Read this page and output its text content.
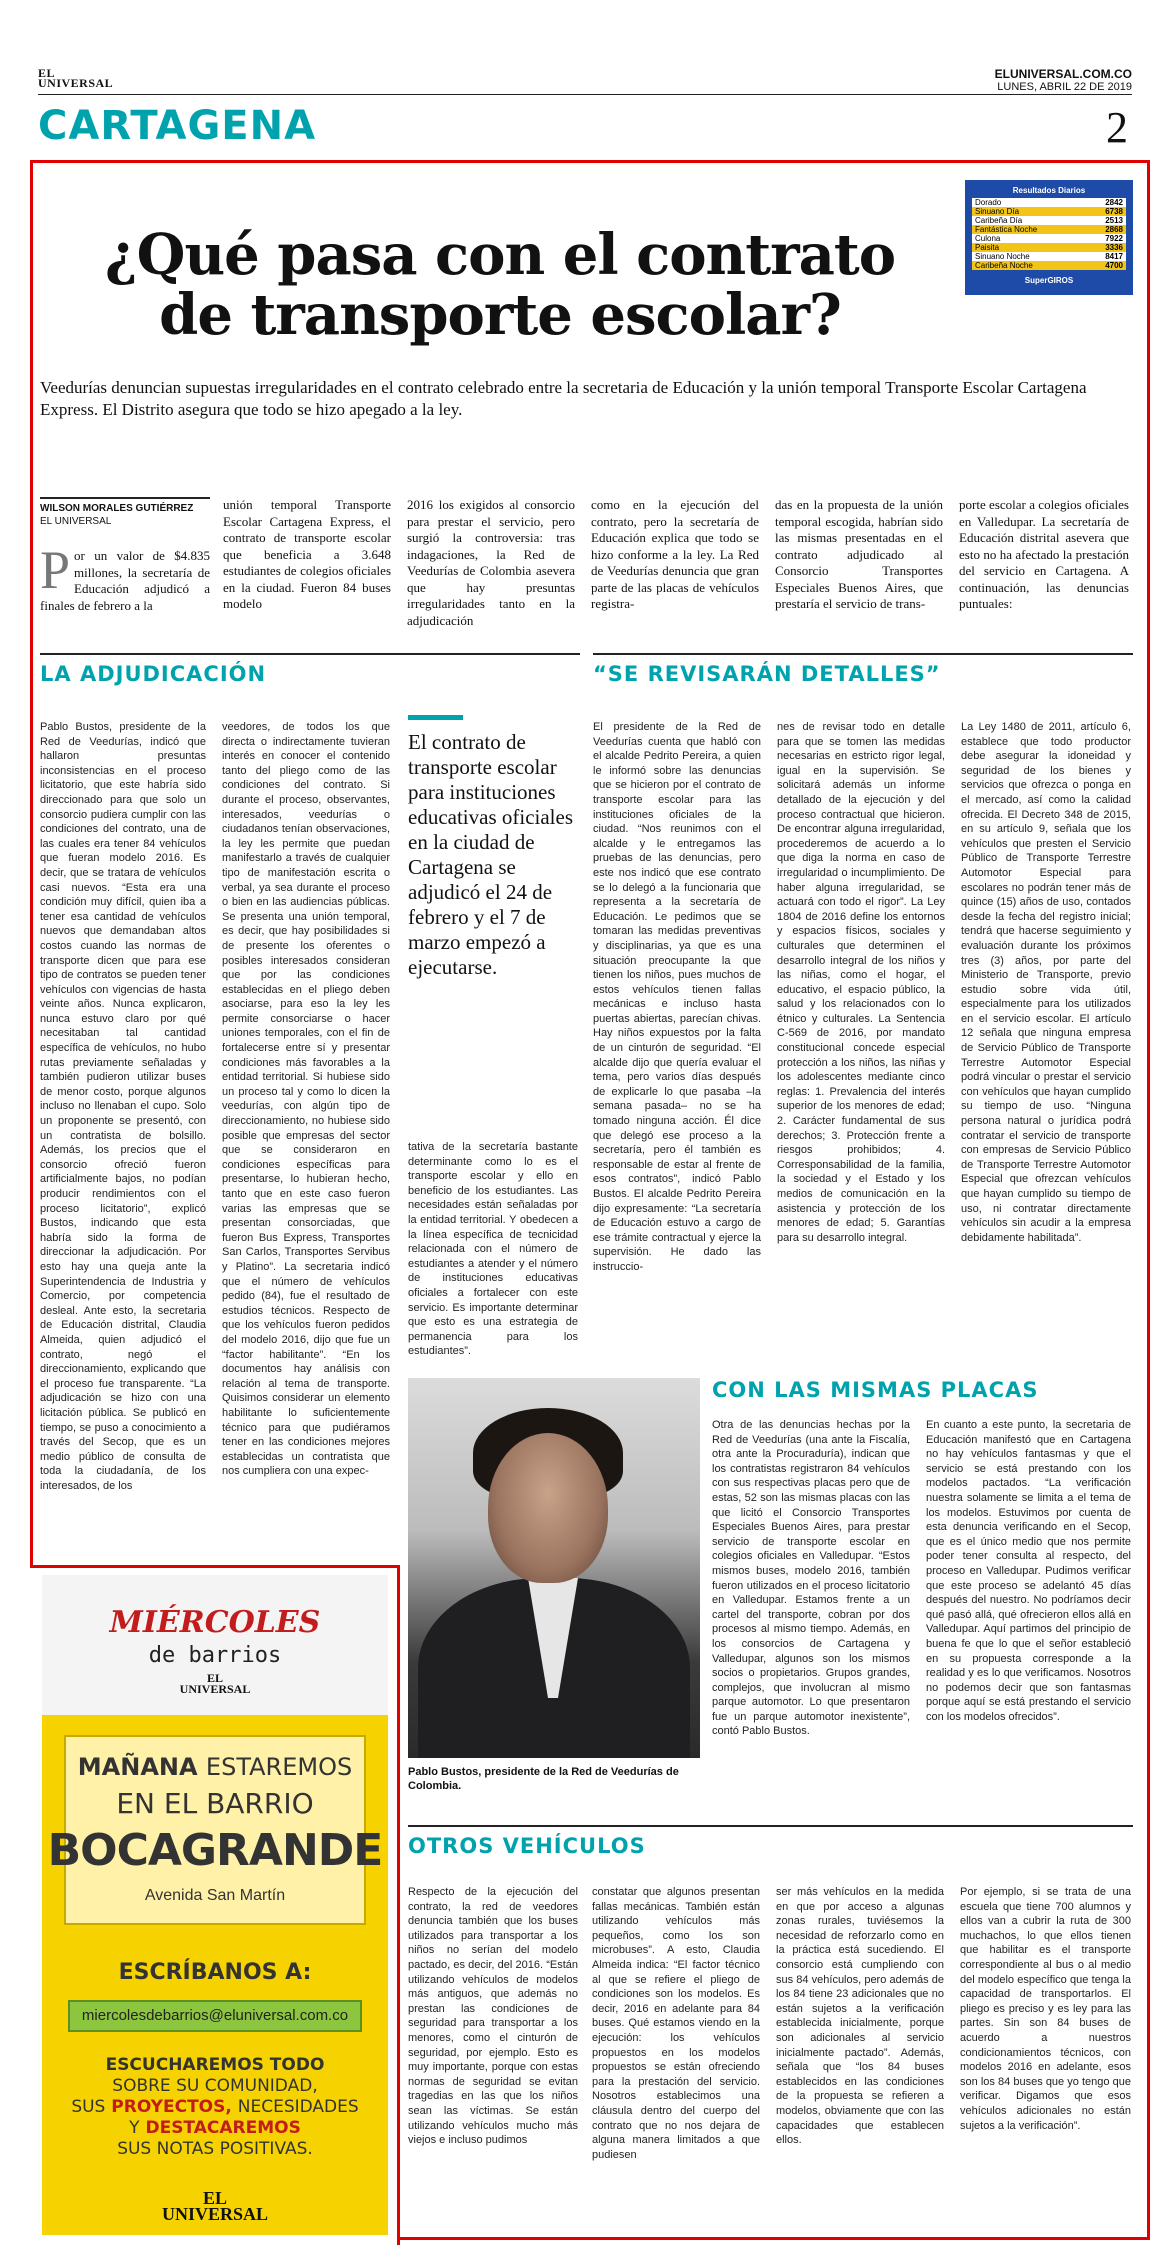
EL
UNIVERSAL
ELUNIVERSAL.COM.CO
LUNES, ABRIL 22 DE 2019
CARTAGENA	2
Resultados Diarios
Dorado	2842
Sinuano Día	6738
Caribeña Día	2513
Fantástica Noche	2868
Culona	7922
Paisita	3336
Sinuano Noche	8417
Caribeña Noche	4700
SuperGIROS
¿Qué pasa con el contrato de transporte escolar?
Veedurías denuncian supuestas irregularidades en el contrato celebrado entre la secretaria de Educación y la unión temporal Transporte Escolar Cartagena Express. El Distrito asegura que todo se hizo apegado a la ley.
WILSON MORALES GUTIÉRREZ
EL UNIVERSAL
Por un valor de $4.835 millones, la secretaría de Educación adjudicó a finales de febrero a la
unión temporal Transporte Escolar Cartagena Express, el contrato de transporte escolar que beneficia a 3.648 estudiantes de colegios oficiales en la ciudad. Fueron 84 buses modelo
2016 los exigidos al consorcio para prestar el servicio, pero surgió la controversia: tras indagaciones, la Red de Veedurías de Colombia asevera que hay presuntas irregularidades tanto en la adjudicación
como en la ejecución del contrato, pero la secretaría de Educación explica que todo se hizo conforme a la ley. La Red de Veedurías denuncia que gran parte de las placas de vehículos registra-
das en la propuesta de la unión temporal escogida, habrían sido las mismas presentadas en el contrato adjudicado al Consorcio Transportes Especiales Buenos Aires, que prestaría el servicio de trans-
porte escolar a colegios oficiales en Valledupar. La secretaría de Educación distrital asevera que esto no ha afectado la prestación del servicio en Cartagena. A continuación, las denuncias puntuales:
LA ADJUDICACIÓN
Pablo Bustos, presidente de la Red de Veedurías, indicó que hallaron presuntas inconsistencias en el proceso licitatorio, que este habría sido direccionado para que solo un consorcio pudiera cumplir con las condiciones del contrato, una de las cuales era tener 84 vehículos que fueran modelo 2016. Es decir, que se tratara de vehículos casi nuevos. “Esta era una condición muy difícil, quien iba a tener esa cantidad de vehículos nuevos que demandaban altos costos cuando las normas de transporte dicen que para ese tipo de contratos se pueden tener vehículos con vigencias de hasta veinte años. Nunca explicaron, nunca estuvo claro por qué necesitaban tal cantidad específica de vehículos, no hubo rutas previamente señaladas y también pudieron utilizar buses de menor costo, porque algunos incluso no llenaban el cupo. Solo un proponente se presentó, con un contratista de bolsillo. Además, los precios que el consorcio ofreció fueron artificialmente bajos, no podían producir rendimientos con el proceso licitatorio”, explicó Bustos, indicando que esta habría sido la forma de direccionar la adjudicación. Por esto hay una queja ante la Superintendencia de Industria y Comercio, por competencia desleal. Ante esto, la secretaria de Educación distrital, Claudia Almeida, quien adjudicó el contrato, negó el direccionamiento, explicando que el proceso fue transparente. “La adjudicación se hizo con una licitación pública. Se publicó en tiempo, se puso a conocimiento a través del Secop, que es un medio público de consulta de toda la ciudadanía, de los interesados, de los
veedores, de todos los que directa o indirectamente tuvieran interés en conocer el contenido tanto del pliego como de las condiciones del contrato. Si durante el proceso, observantes, interesados, veedurías o ciudadanos tenían observaciones, la ley les permite que puedan manifestarlo a través de cualquier tipo de manifestación escrita o verbal, ya sea durante el proceso o bien en las audiencias públicas. Se presenta una unión temporal, es decir, que hay posibilidades si de presente los oferentes o posibles interesados consideran que por las condiciones establecidas en el pliego deben asociarse, para eso la ley les permite consorciarse o hacer uniones temporales, con el fin de fortalecerse entre sí y presentar condiciones más favorables a la entidad territorial. Si hubiese sido un proceso tal y como lo dicen la veedurías, con algún tipo de direccionamiento, no hubiese sido posible que empresas del sector que se consideraron en condiciones específicas para presentarse, lo hubieran hecho, tanto que en este caso fueron varias las empresas que se presentan consorciadas, que fueron Bus Express, Transportes San Carlos, Transportes Servibus y Platino”. La secretaria indicó que el número de vehículos pedido (84), fue el resultado de estudios técnicos. Respecto de que los vehículos fueron pedidos del modelo 2016, dijo que fue un “factor habilitante”. “En los documentos hay análisis con relación al tema de transporte. Quisimos considerar un elemento habilitante lo suficientemente técnico para que pudiéramos tener en las condiciones mejores establecidas un contratista que nos cumpliera con una expec-
El contrato de transporte escolar para instituciones educativas oficiales en la ciudad de Cartagena se adjudicó el 24 de febrero y el 7 de marzo empezó a ejecutarse.
tativa de la secretaría bastante determinante como lo es el transporte escolar y ello en beneficio de los estudiantes. Las necesidades están señaladas por la entidad territorial. Y obedecen a la línea específica de tecnicidad relacionada con el número de estudiantes a atender y el número de instituciones educativas oficiales a fortalecer con este servicio. Es importante determinar que esto es una estrategia de permanencia para los estudiantes”.
“SE REVISARÁN DETALLES”
El presidente de la Red de Veedurías cuenta que habló con el alcalde Pedrito Pereira, a quien le informó sobre las denuncias que se hicieron por el contrato de transporte escolar para las instituciones oficiales de la ciudad. “Nos reunimos con el alcalde y le entregamos las pruebas de las denuncias, pero este nos indicó que ese contrato se lo delegó a la funcionaria que representa a la secretaría de Educación. Le pedimos que se tomaran las medidas preventivas y disciplinarias, ya que es una situación preocupante la que tienen los niños, pues muchos de estos vehículos tienen fallas mecánicas e incluso hasta puertas abiertas, parecían chivas. Hay niños expuestos por la falta de un cinturón de seguridad. “El alcalde dijo que quería evaluar el tema, pero varios días después de explicarle lo que pasaba –la semana pasada– no se ha tomado ninguna acción. Él dice que delegó ese proceso a la secretaría, pero él también es responsable de estar al frente de esos contratos”, indicó Pablo Bustos. El alcalde Pedrito Pereira dijo expresamente: “La secretaría de Educación estuvo a cargo de ese trámite contractual y ejerce la supervisión. He dado las instruccio-
nes de revisar todo en detalle para que se tomen las medidas necesarias en estricto rigor legal, igual en la supervisión. Se solicitará además un informe detallado de la ejecución y del proceso contractual que hicieron. De encontrar alguna irregularidad, procederemos de acuerdo a lo que diga la norma en caso de irregularidad o incumplimiento. De haber alguna irregularidad, se actuará con todo el rigor”. La Ley 1804 de 2016 define los entornos y espacios físicos, sociales y culturales que determinen el desarrollo integral de los niños y las niñas, como el hogar, el educativo, el espacio público, la salud y los relacionados con lo étnico y culturales. La Sentencia C-569 de 2016, por mandato constitucional concede especial protección a los niños, las niñas y los adolescentes mediante cinco reglas: 1. Prevalencia del interés superior de los menores de edad; 2. Carácter fundamental de sus derechos; 3. Protección frente a riesgos prohibidos; 4. Corresponsabilidad de la familia, la sociedad y el Estado y los medios de comunicación en la asistencia y protección de los menores de edad; 5. Garantías para su desarrollo integral.
La Ley 1480 de 2011, artículo 6, establece que todo productor debe asegurar la idoneidad y seguridad de los bienes y servicios que ofrezca o ponga en el mercado, así como la calidad ofrecida. El Decreto 348 de 2015, en su artículo 9, señala que los vehículos que presten el Servicio Público de Transporte Terrestre Automotor Especial para escolares no podrán tener más de quince (15) años de uso, contados desde la fecha del registro inicial; tendrá que hacerse seguimiento y evaluación durante los próximos tres (3) años, por parte del Ministerio de Transporte, previo estudio sobre vida útil, especialmente para los utilizados en el servicio escolar. El artículo 12 señala que ninguna empresa de Servicio Público de Transporte Terrestre Automotor Especial podrá vincular o prestar el servicio con vehículos que hayan cumplido su tiempo de uso. “Ninguna persona natural o jurídica podrá contratar el servicio de transporte con empresas de Servicio Público de Transporte Terrestre Automotor Especial que ofrezcan vehículos que hayan cumplido su tiempo de uso, ni contratar directamente vehículos sin acudir a la empresa debidamente habilitada”.
Pablo Bustos, presidente de la Red de Veedurías de Colombia.
CON LAS MISMAS PLACAS
Otra de las denuncias hechas por la Red de Veedurías (una ante la Fiscalía, otra ante la Procuraduría), indican que los contratistas registraron 84 vehículos con sus respectivas placas pero que de estas, 52 son las mismas placas con las que licitó el Consorcio Transportes Especiales Buenos Aires, para prestar servicio de transporte escolar en colegios oficiales en Valledupar. “Estos mismos buses, modelo 2016, también fueron utilizados en el proceso licitatorio en Valledupar. Estamos frente a un cartel del transporte, cobran por dos procesos al mismo tiempo. Además, en los consorcios de Cartagena y Valledupar, algunos son los mismos socios o propietarios. Grupos grandes, complejos, que involucran al mismo parque automotor. Lo que presentaron fue un parque automotor inexistente”, contó Pablo Bustos.
En cuanto a este punto, la secretaria de Educación manifestó que en Cartagena no hay vehículos fantasmas y que el servicio se está prestando con los modelos pactados. “La verificación nuestra solamente se limita a el tema de los modelos. Estuvimos por cuenta de esta denuncia verificando en el Secop, que es el único medio que nos permite poder tener consulta al respecto, del proceso en Valledupar. Pudimos verificar que este proceso se adelantó 45 días después del nuestro. No podríamos decir qué pasó allá, qué ofrecieron ellos allá en Valledupar. Aquí partimos del principio de buena fe que lo que el señor estableció en su propuesta corresponde a la realidad y es lo que verificamos. Nosotros no podemos decir que son fantasmas porque aquí se está prestando el servicio con los modelos ofrecidos”.
OTROS VEHÍCULOS
Respecto de la ejecución del contrato, la red de veedores denuncia también que los buses utilizados para transportar a los niños no serían del modelo pactado, es decir, del 2016. “Están utilizando vehículos de modelos más antiguos, que además no prestan las condiciones de seguridad para transportar a los menores, como el cinturón de seguridad, por ejemplo. Esto es muy importante, porque con estas normas de seguridad se evitan tragedias en las que los niños sean las víctimas. Se están utilizando vehículos mucho más viejos e incluso pudimos
constatar que algunos presentan fallas mecánicas. También están utilizando vehículos más pequeños, como los son microbuses”. A esto, Claudia Almeida indica: “El factor técnico al que se refiere el pliego de condiciones son los modelos. Es decir, 2016 en adelante para 84 buses. Qué estamos viendo en la ejecución: los vehículos propuestos en los modelos propuestos se están ofreciendo para la prestación del servicio. Nosotros establecimos una cláusula dentro del cuerpo del contrato que no nos dejara de alguna manera limitados a que pudiesen
ser más vehículos en la medida en que por acceso a algunas zonas rurales, tuviésemos la necesidad de reforzarlo como en la práctica está sucediendo. El consorcio está cumpliendo con sus 84 vehículos, pero además de los 84 tiene 23 adicionales que no están sujetos a la verificación establecida inicialmente, porque son adicionales al servicio inicialmente pactado”. Además, señala que “los 84 buses establecidos en las condiciones de la propuesta se refieren a modelos, obviamente que con las capacidades que establecen ellos.
Por ejemplo, si se trata de una escuela que tiene 700 alumnos y ellos van a cubrir la ruta de 300 muchachos, lo que ellos tienen que habilitar es el transporte correspondiente al bus o al medio del modelo específico que tenga la capacidad de transportarlos. El pliego es preciso y es ley para las partes. Sin son 84 buses de acuerdo a nuestros condicionamientos técnicos, con modelos 2016 en adelante, esos son los 84 buses que yo tengo que verificar. Digamos que esos vehículos adicionales no están sujetos a la verificación”.
MIÉRCOLES
de barrios
EL
UNIVERSAL
MAÑANA ESTAREMOS
EN EL BARRIO
BOCAGRANDE
Avenida San Martín
ESCRÍBANOS A:
miercolesdebarrios@eluniversal.com.co
ESCUCHAREMOS TODO
SOBRE SU COMUNIDAD,
SUS PROYECTOS, NECESIDADES
Y DESTACAREMOS
SUS NOTAS POSITIVAS.
EL
UNIVERSAL
